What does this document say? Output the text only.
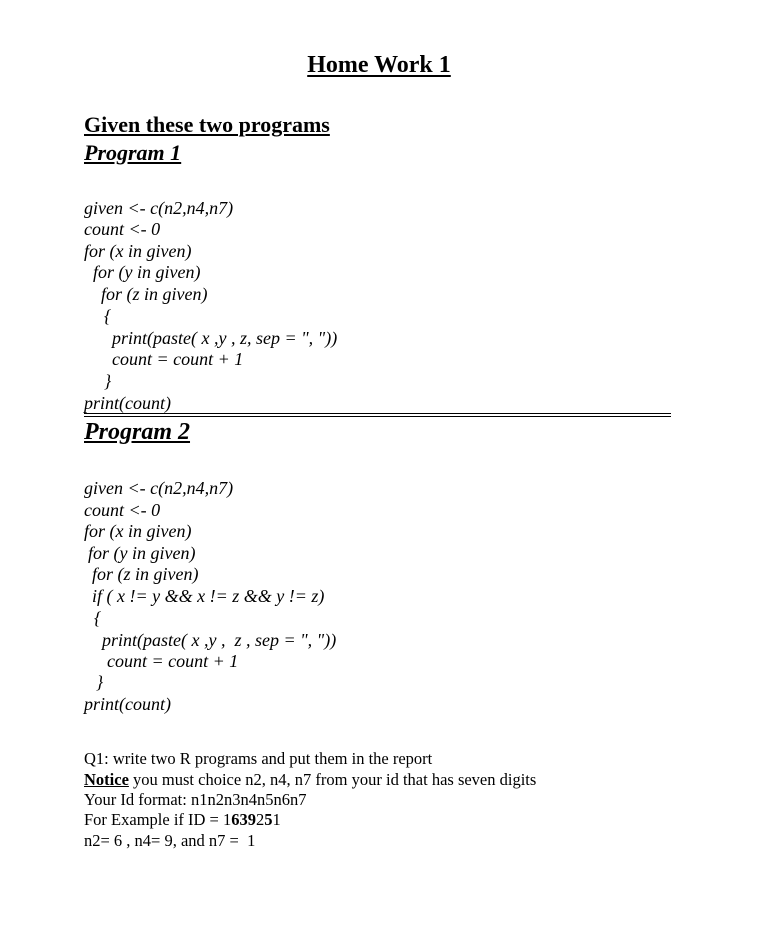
Home Work 1
Given these two programs
Program 1
given <- c(n2,n4,n7)
count <- 0
for (x in given)
for (y in given)
for (z in given)
{
print(paste( x ,y , z, sep = ", "))
count = count + 1
}
print(count)
Program 2
given <- c(n2,n4,n7)
count <- 0
for (x in given)
for (y in given)
for (z in given)
if ( x != y && x != z && y != z)
{
print(paste( x ,y ,  z , sep = ", "))
count = count + 1
}
print(count)
Q1: write two R programs and put them in the report
Notice you must choice n2, n4, n7 from your id that has seven digits
Your Id format: n1n2n3n4n5n6n7
For Example if ID = 1639251
n2= 6 , n4= 9, and n7 =  1
